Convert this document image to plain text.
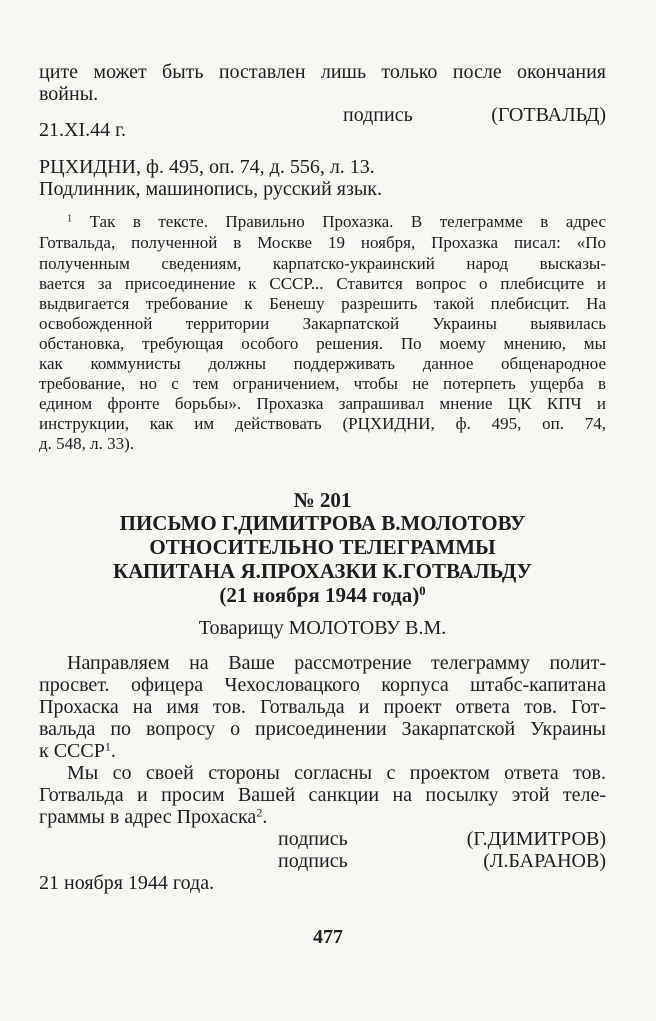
ците может быть поставлен лишь только после окончания
войны.
подпись	(ГОТВАЛЬД)
21.XI.44 г.
РЦХИДНИ, ф. 495, оп. 74, д. 556, л. 13.
Подлинник, машинопись, русский язык.
$^1$ Так в тексте. Правильно Прохазка. В телеграмме в адрес
Готвальда, полученной в Москве 19 ноября, Прохазка писал: «По
полученным сведениям, карпатско-украинский народ высказы-
вается за присоединение к СССР... Ставится вопрос о плебисците и
выдвигается требование к Бенешу разрешить такой плебисцит. На
освобожденной территории Закарпатской Украины выявилась
обстановка, требующая особого решения. По моему мнению, мы
как коммунисты должны поддерживать данное общенародное
требование, но с тем ограничением, чтобы не потерпеть ущерба в
едином фронте борьбы». Прохазка запрашивал мнение ЦК КПЧ и
инструкции, как им действовать (РЦХИДНИ, ф. 495, оп. 74,
д. 548, л. 33).
№ 201
ПИСЬМО Г.ДИМИТРОВА В.МОЛОТОВУ
ОТНОСИТЕЛЬНО ТЕЛЕГРАММЫ
КАПИТАНА Я.ПРОХАЗКИ К.ГОТВАЛЬДУ
(21 ноября 1944 года)$^0$
Товарищу МОЛОТОВУ В.М.
Направляем на Ваше рассмотрение телеграмму полит-
просвет. офицера Чехословацкого корпуса штабс-капитана
Прохаска на имя тов. Готвальда и проект ответа тов. Гот-
вальда по вопросу о присоединении Закарпатской Украины
к СССР$^1$.
Мы со своей стороны согласны с проектом ответа тов.
Готвальда и просим Вашей санкции на посылку этой теле-
граммы в адрес Прохаска$^2$.
подпись	(Г.ДИМИТРОВ)
подпись	(Л.БАРАНОВ)
21 ноября 1944 года.
477
